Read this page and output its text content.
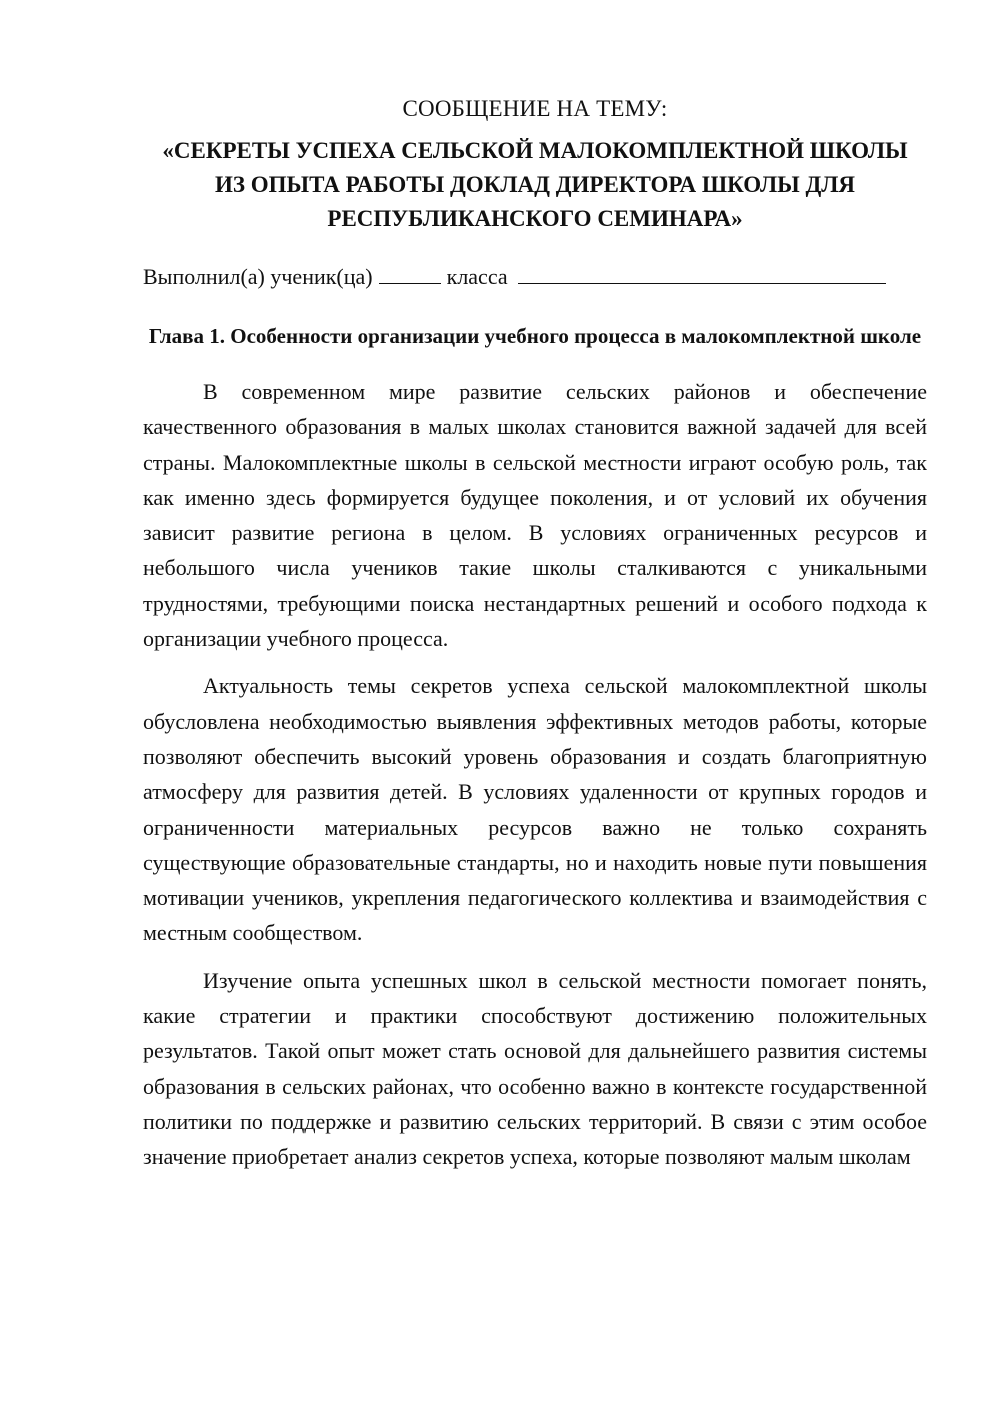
СООБЩЕНИЕ НА ТЕМУ:

«СЕКРЕТЫ УСПЕХА СЕЛЬСКОЙ МАЛОКОМПЛЕКТНОЙ ШКОЛЫ

ИЗ ОПЫТА РАБОТЫ ДОКЛАД ДИРЕКТОРА ШКОЛЫ ДЛЯ

РЕСПУБЛИКАНСКОГО СЕМИНАРА»

Выполнил(а) ученик(ца)	класса

Глава 1. Особенности организации учебного процесса в малокомплектной школе

В современном мире развитие сельских районов и обеспечение качественного образования в малых школах становится важной задачей для всей страны. Малокомплектные школы в сельской местности играют особую роль, так как именно здесь формируется будущее поколения, и от условий их обучения зависит развитие региона в целом. В условиях ограниченных ресурсов и небольшого числа учеников такие школы сталкиваются с уникальными трудностями, требующими поиска нестандартных решений и особого подхода к организации учебного процесса.

Актуальность темы секретов успеха сельской малокомплектной школы обусловлена необходимостью выявления эффективных методов работы, которые позволяют обеспечить высокий уровень образования и создать благоприятную атмосферу для развития детей. В условиях удаленности от крупных городов и ограниченности материальных ресурсов важно не только сохранять существующие образовательные стандарты, но и находить новые пути повышения мотивации учеников, укрепления педагогического коллектива и взаимодействия с местным сообществом.

Изучение опыта успешных школ в сельской местности помогает понять, какие стратегии и практики способствуют достижению положительных результатов. Такой опыт может стать основой для дальнейшего развития системы образования в сельских районах, что особенно важно в контексте государственной политики по поддержке и развитию сельских территорий. В связи с этим особое значение приобретает анализ секретов успеха, которые позволяют малым школам
